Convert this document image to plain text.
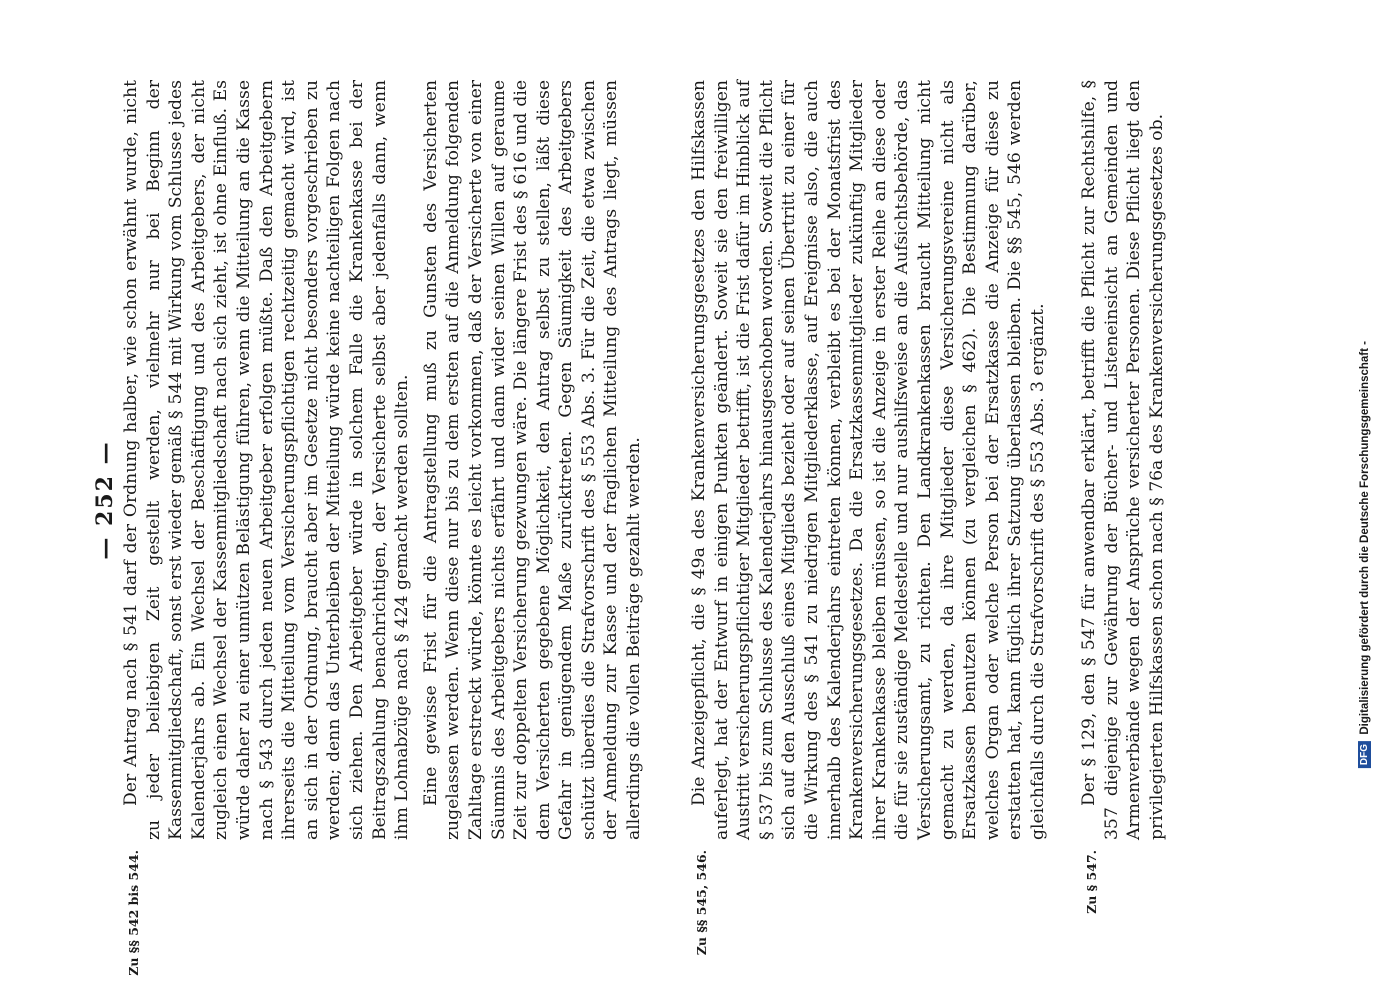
— 252 —
Zu §§ 542 bis 544.

Der Antrag nach § 541 darf der Ordnung halber, wie schon erwähnt wurde, nicht zu jeder beliebigen Zeit gestellt werden, vielmehr nur bei Beginn der Kassenmitgliedschaft, sonst erst wieder gemäß § 544 mit Wirkung vom Schlusse jedes Kalenderjahrs ab. Ein Wechsel der Beschäftigung und des Arbeitgebers, der nicht zugleich einen Wechsel der Kassenmitgliedschaft nach sich zieht, ist ohne Einfluß. Es würde daher zu einer unnützen Belästigung führen, wenn die Mitteilung an die Kasse nach § 543 durch jeden neuen Arbeitgeber erfolgen müßte. Daß den Arbeitgebern ihrerseits die Mitteilung vom Versicherungspflichtigen rechtzeitig gemacht wird, ist an sich in der Ordnung, braucht aber im Gesetze nicht besonders vorgeschrieben zu werden; denn das Unterbleiben der Mitteilung würde keine nachteiligen Folgen nach sich ziehen. Den Arbeitgeber würde in solchem Falle die Krankenkasse bei der Beitragszahlung benachrichtigen, der Versicherte selbst aber jedenfalls dann, wenn ihm Lohnabzüge nach § 424 gemacht werden sollten. Eine gewisse Frist für die Antragstellung muß zu Gunsten des Versicherten zugelassen werden. Wenn diese nur bis zu dem ersten auf die Anmeldung folgenden Zahltage erstreckt würde, könnte es leicht vorkommen, daß der Versicherte von einer Säumnis des Arbeitgebers nichts erfährt und dann wider seinen Willen auf geraume Zeit zur doppelten Versicherung gezwungen wäre. Die längere Frist des § 616 und die dem Versicherten gegebene Möglichkeit, den Antrag selbst zu stellen, läßt diese Gefahr in genügendem Maße zurücktreten. Gegen Säumigkeit des Arbeitgebers schützt überdies die Strafvorschrift des § 553 Abs. 3. Für die Zeit, die etwa zwischen der Anmeldung zur Kasse und der fraglichen Mitteilung des Antrags liegt, müssen allerdings die vollen Beiträge gezahlt werden.

Zu §§ 545, 546.

Die Anzeigepflicht, die § 49a des Krankenversicherungsgesetzes den Hilfskassen auferlegt, hat der Entwurf in einigen Punkten geändert. Soweit sie den freiwilligen Austritt versicherungspflichtiger Mitglieder betrifft, ist die Frist dafür im Hinblick auf § 537 bis zum Schlusse des Kalenderjahrs hinausgeschoben worden. Soweit die Pflicht sich auf den Ausschluß eines Mitglieds bezieht oder auf seinen Übertritt zu einer für die Wirkung des § 541 zu niedrigen Mitgliederklasse, auf Ereignisse also, die auch innerhalb des Kalenderjahrs eintreten können, verbleibt es bei der Monatsfrist des Krankenversicherungsgesetzes. Da die Ersatzkassenmitglieder zukünftig Mitglieder ihrer Krankenkasse bleiben müssen, so ist die Anzeige in erster Reihe an diese oder die für sie zuständige Meldestelle und nur aushilfsweise an die Aufsichtsbehörde, das Versicherungsamt, zu richten. Den Landkrankenkassen braucht Mitteilung nicht gemacht zu werden, da ihre Mitglieder diese Versicherungsvereine nicht als Ersatzkassen benutzen können (zu vergleichen § 462). Die Bestimmung darüber, welches Organ oder welche Person bei der Ersatzkasse die Anzeige für diese zu erstatten hat, kann füglich ihrer Satzung überlassen bleiben. Die §§ 545, 546 werden gleichfalls durch die Strafvorschrift des § 553 Abs. 3 ergänzt.

Zu § 547.

Der § 129, den § 547 für anwendbar erklärt, betrifft die Pflicht zur Rechtshilfe, § 357 diejenige zur Gewährung der Bücher- und Listeneinsicht an Gemeinden und Armenverbände wegen der Ansprüche versicherter Personen. Diese Pflicht liegt den privilegierten Hilfskassen schon nach § 76a des Krankenversicherungsgesetzes ob.	DFG
Digitalisierung gefördert durch die Deutsche Forschungsgemeinschaft -
